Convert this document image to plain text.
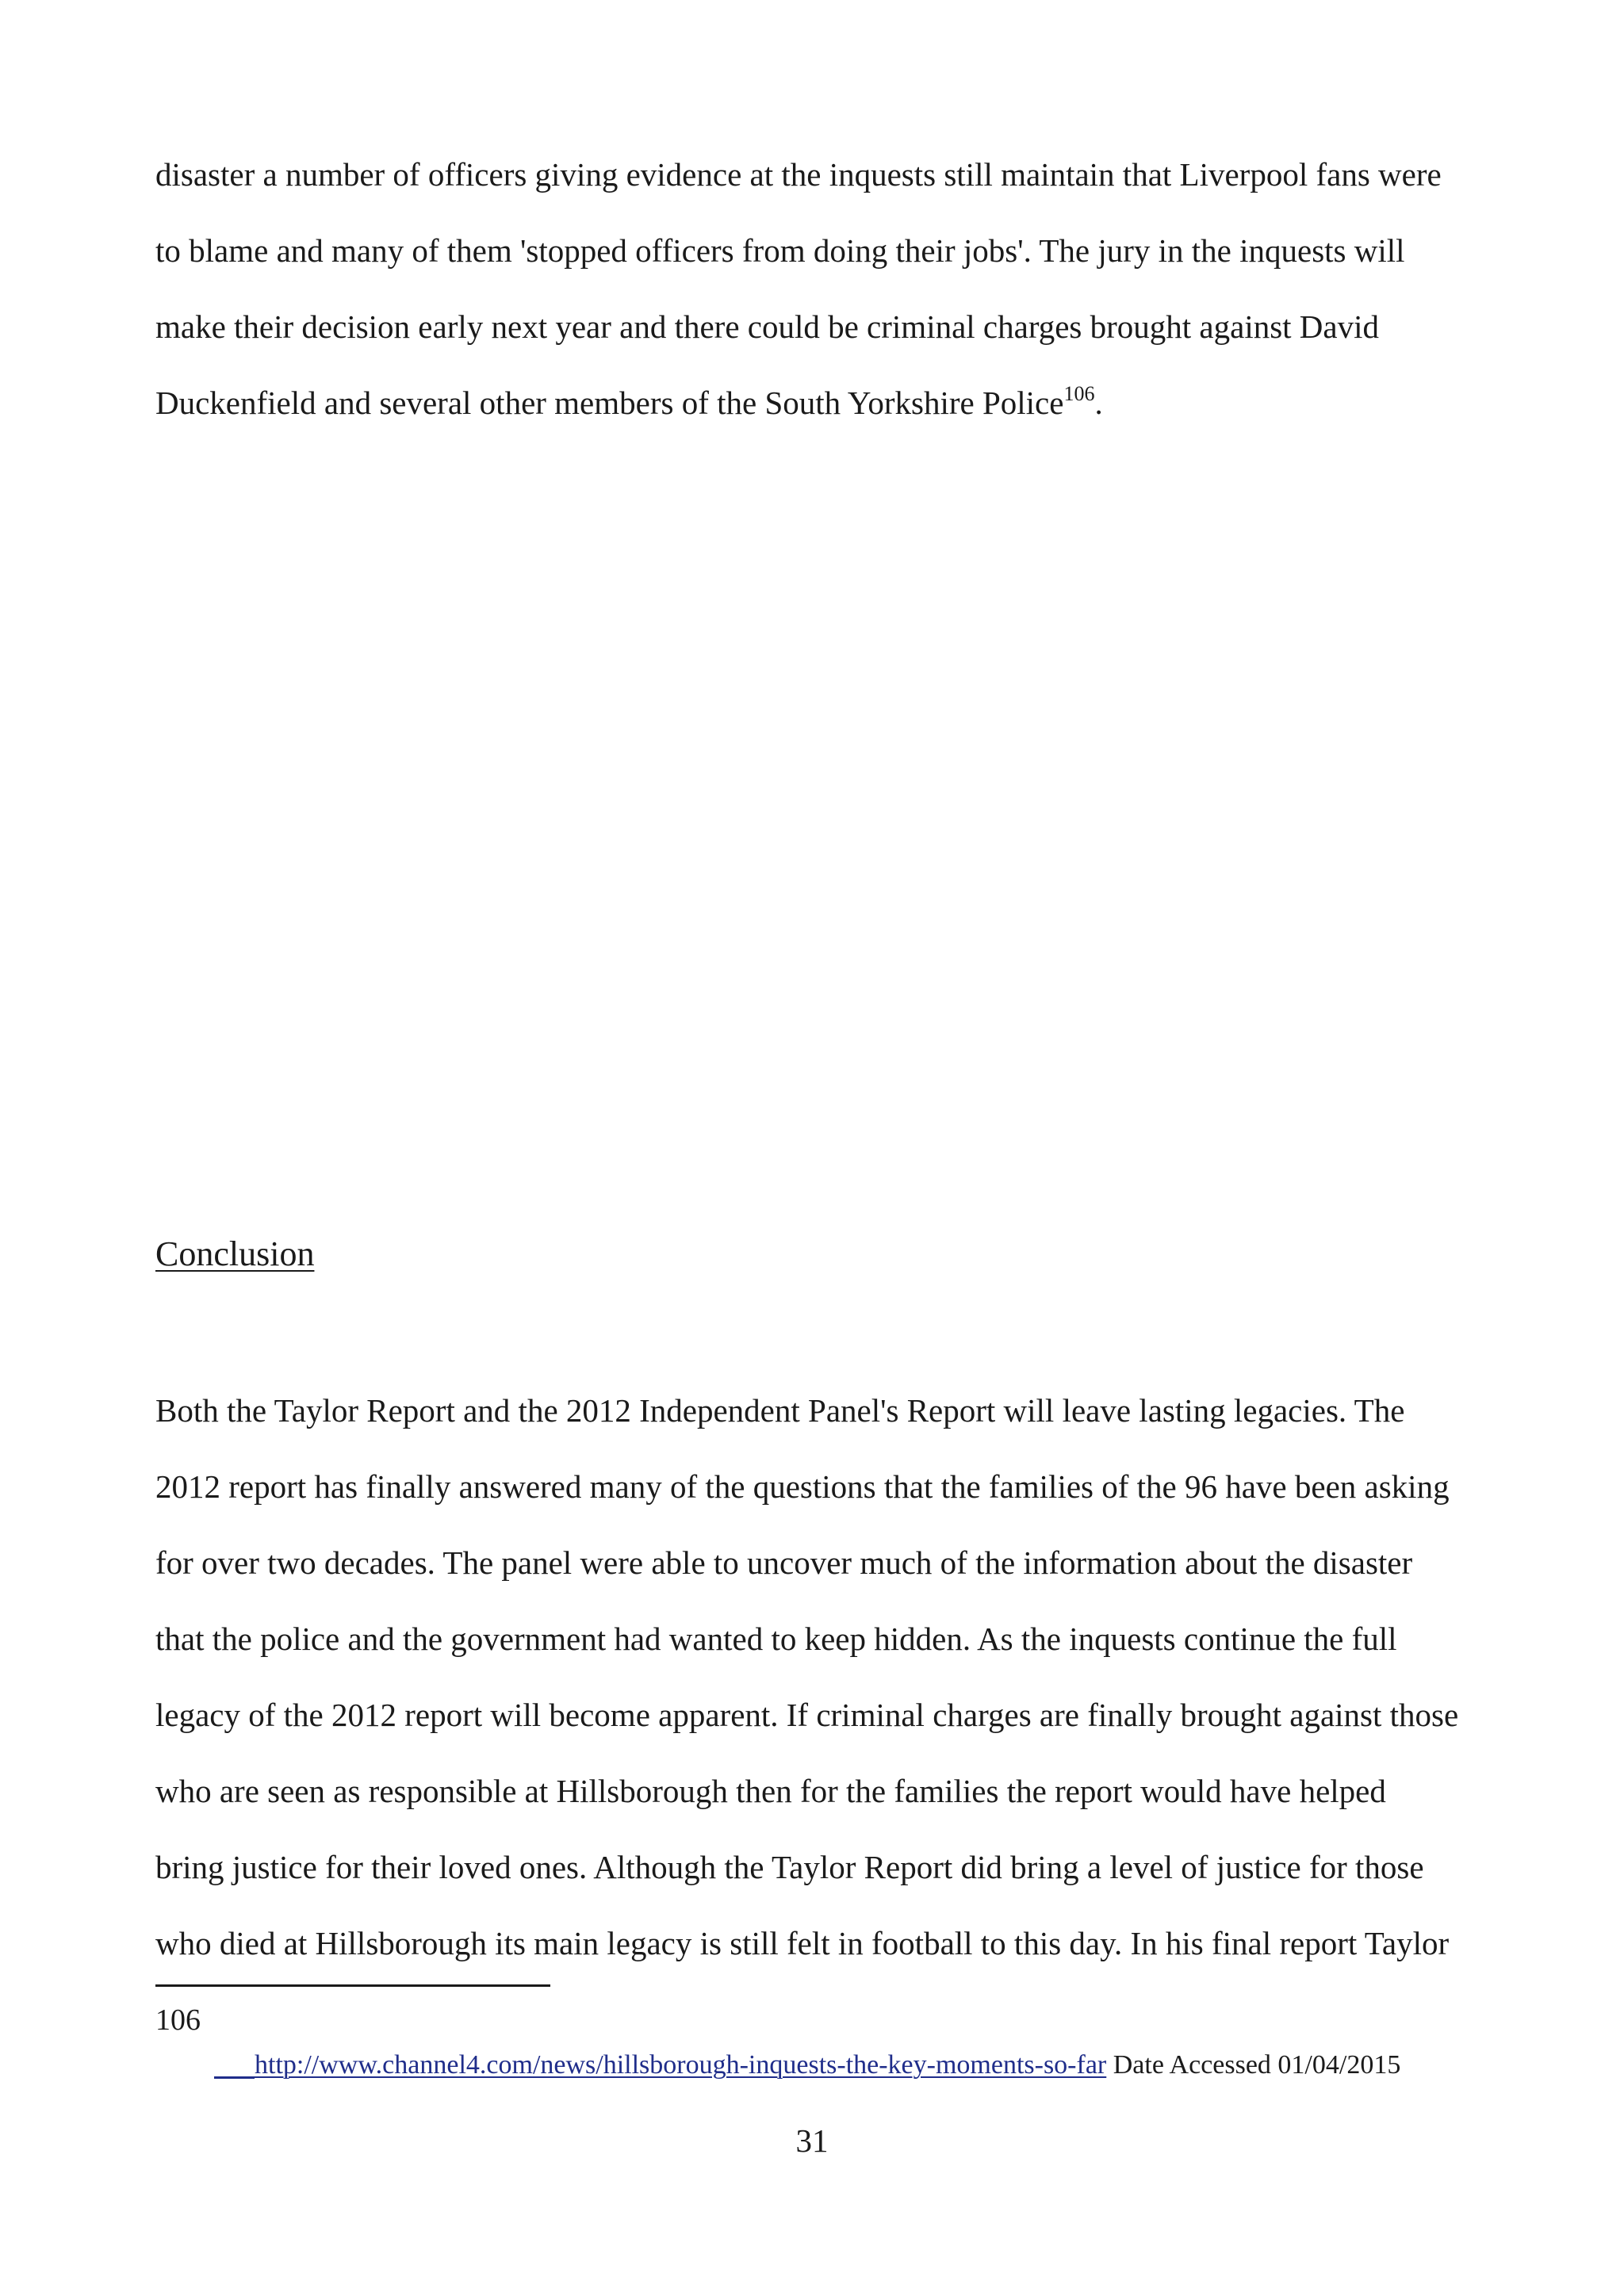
disaster a number of officers giving evidence at the inquests still maintain that Liverpool fans were

to blame and many of them 'stopped officers from doing their jobs'. The jury in the inquests will

make their decision early next year and there could be criminal charges brought against David

Duckenfield and several other members of the South Yorkshire Police$^{106}$.

Conclusion

Both the Taylor Report and the 2012 Independent Panel's Report will leave lasting legacies. The

2012 report has finally answered many of the questions that the families of the 96 have been asking

for over two decades. The panel were able to uncover much of the information about the disaster

that the police and the government had wanted to keep hidden. As the inquests continue the full

legacy of the 2012 report will become apparent. If criminal charges are finally brought against those

who are seen as responsible at Hillsborough then for the families the report would have helped

bring justice for their loved ones. Although the Taylor Report did bring a level of justice for those

who died at Hillsborough its main legacy is still felt in football to this day. In his final report Taylor

106
http://www.channel4.com/news/hillsborough-inquests-the-key-moments-so-far Date Accessed 01/04/2015
31
